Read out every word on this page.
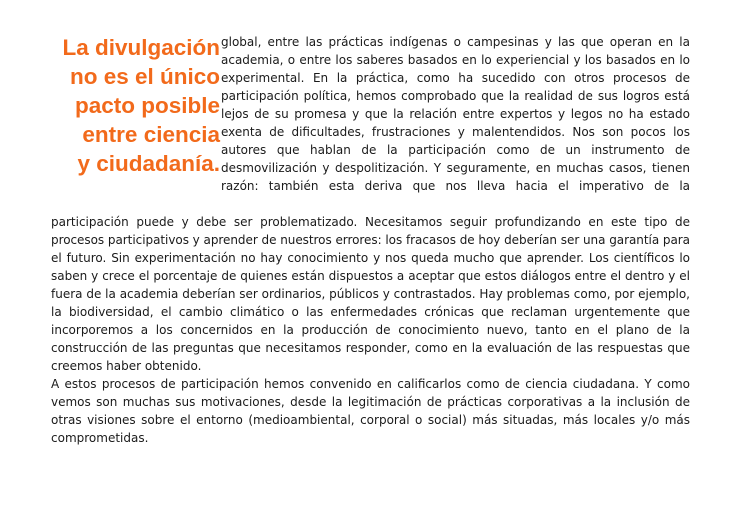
La divulgación
no es el único
pacto posible
entre ciencia
y ciudadanía.
global, entre las prácticas indígenas o campesinas y las que operan en la
academia, o entre los saberes basados en lo experiencial y los basados en lo
experimental. En la práctica, como ha sucedido con otros procesos de
participación política, hemos comprobado que la realidad de sus logros está
lejos de su promesa y que la relación entre expertos y legos no ha estado
exenta de dificultades, frustraciones y malentendidos. Nos son pocos los
autores que hablan de la participación como de un instrumento de
desmovilización y despolitización. Y seguramente, en muchas casos, tienen
razón: también esta deriva que nos lleva hacia el imperativo de la
participación puede y debe ser problematizado. Necesitamos seguir profundizando en este tipo de
procesos participativos y aprender de nuestros errores: los fracasos de hoy deberían ser una garantía para
el futuro. Sin experimentación no hay conocimiento y nos queda mucho que aprender. Los científicos lo
saben y crece el porcentaje de quienes están dispuestos a aceptar que estos diálogos entre el dentro y el
fuera de la academia deberían ser ordinarios, públicos y contrastados. Hay problemas como, por ejemplo,
la biodiversidad, el cambio climático o las enfermedades crónicas que reclaman urgentemente que
incorporemos a los concernidos en la producción de conocimiento nuevo, tanto en el plano de la
construcción de las preguntas que necesitamos responder, como en la evaluación de las respuestas que
creemos haber obtenido.
A estos procesos de participación hemos convenido en calificarlos como de ciencia ciudadana. Y como
vemos son muchas sus motivaciones, desde la legitimación de prácticas corporativas a la inclusión de
otras visiones sobre el entorno (medioambiental, corporal o social) más situadas, más locales y/o más
comprometidas.
